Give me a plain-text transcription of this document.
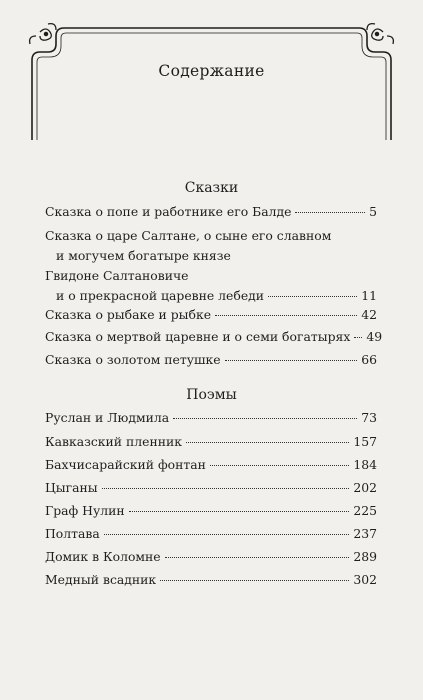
Содержание
Сказки
Сказка о попе и работнике его Балде	5
Сказка о царе Салтане, о сыне его славном
и могучем богатыре князе
Гвидоне Салтановиче
и о прекрасной царевне лебеди	11
Сказка о рыбаке и рыбке	42
Сказка о мертвой царевне и о семи богатырях 49
Сказка о золотом петушке	66
Поэмы
Руслан и Людмила	73
Кавказский пленник	157
Бахчисарайский фонтан	184
Цыганы	202
Граф Нулин	225
Полтава	237
Домик в Коломне	289
Медный всадник	302
